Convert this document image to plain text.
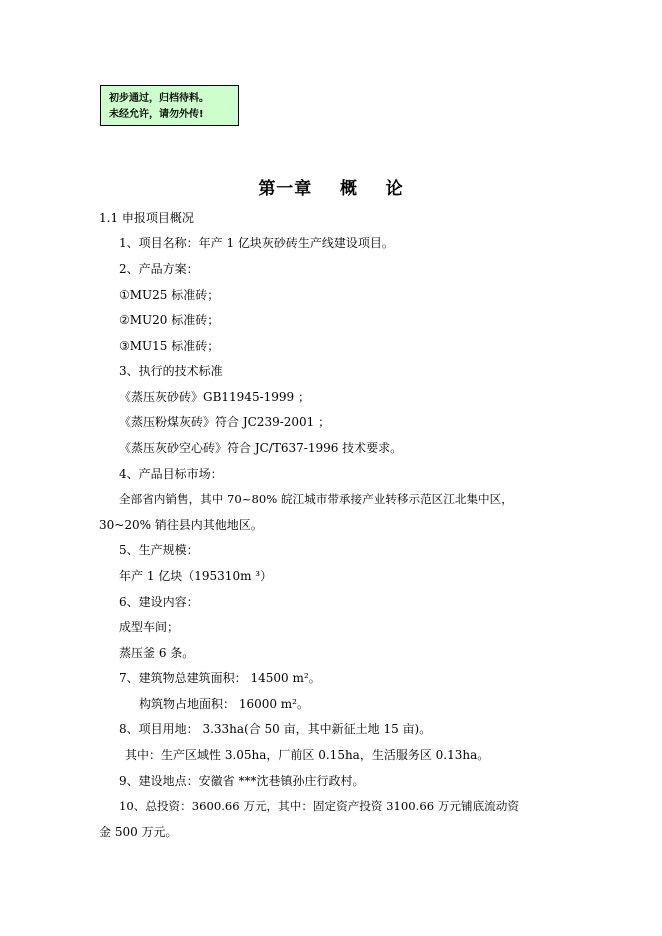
初步通过，归档待料。
未经允许，请勿外传!
第一章    概    论
1.1 申报项目概况
1、项目名称：年产 1 亿块灰砂砖生产线建设项目。
2、产品方案：
①MU25 标准砖；
②MU20 标准砖；
③MU15 标准砖；
3、执行的技术标准
《蒸压灰砂砖》GB11945-1999 ；
《蒸压粉煤灰砖》符合 JC239-2001 ；
《蒸压灰砂空心砖》符合 JC/T637-1996 技术要求。
4、产品目标市场：
全部省内销售，其中 70~80% 皖江城市带承接产业转移示范区江北集中区，
30~20% 销往县内其他地区。
5、生产规模：
年产 1 亿块（195310m ³）
6、建设内容：
成型车间；
蒸压釜 6 条。
7、建筑物总建筑面积： 14500 m²。
构筑物占地面积： 16000 m²。
8、项目用地： 3.33ha(合 50 亩，其中新征土地 15 亩)。
其中：生产区域性 3.05ha，厂前区 0.15ha，生活服务区 0.13ha。
9、建设地点：安徽省 ***沈巷镇孙庄行政村。
10、总投资：3600.66 万元，其中：固定资产投资 3100.66 万元铺底流动资
金 500 万元。
